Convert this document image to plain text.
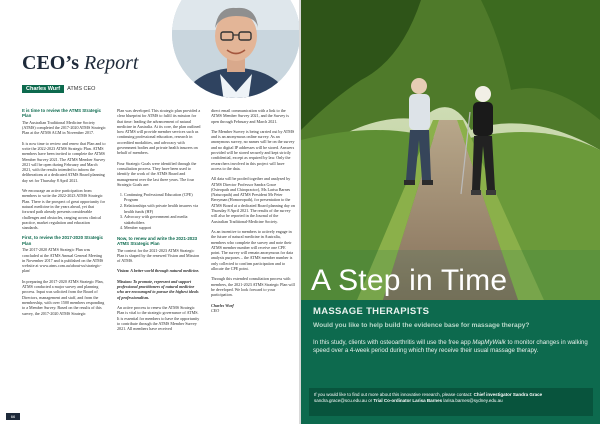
CEO’s Report
Charles Wurf	ATMS CEO
It is time to review the ATMS Strategic Plan

The Australian Traditional Medicine Society (ATMS) completed the 2017-2020 ATMS Strategic Plan at the ATMS AGM in November 2017.

It is now time to review and renew that Plan and to write the 2022-2023 ATMS Strategic Plan. ATMS members have been invited to complete the ATMS Member Survey 2021. The ATMS Member Survey 2021 will be open during February and March 2021, with the results intended to inform the deliberations at a dedicated ATMS Board planning day set for Thursday 8 April 2021.

We encourage an active participation from members to write the 2022-2023 ATMS Strategic Plan. There is the prospect of great opportunity for natural medicine in the years ahead, yet that forward path already presents considerable challenges and obstacles, ranging across clinical practice, market regulation and education standards.

First, to review the 2017-2020 Strategic Plan

The 2017-2020 ATMS Strategic Plan was concluded at the ATMS Annual General Meeting in November 2017 and is published on the ATMS website at www.atms.com.au/about-us/strategic-plan/

In preparing the 2017-2020 ATMS Strategic Plan, ATMS conducted a major survey and planning process. Input was solicited from the Board of Directors, management and staff, and from the membership, with over 1500 members responding to a Member Survey. Based on the results of this survey, the 2017-2020 ATMS Strategic

Plan was developed. This strategic plan provided a clear blueprint for ATMS to fulfil its mission for that time: leading the advancement of natural medicine in Australia. At its core, the plan outlined how ATMS will provide member services such as continuing professional education, research in accredited modalities, and advocacy with government bodies and private health insurers on behalf of members.

Four Strategic Goals were identified through the consultation process. They have been used to identify the work of the ATMS Board and management over the last three years. The four Strategic Goals are:

1. Continuing Professional Education (CPE) Program
2. Relationships with private health insurers via health funds (HF)
3. Advocacy with government and media stakeholders
4. Member support
Now, to renew and write the 2021-2023 ATMS Strategic Plan

The context for the 2021-2023 ATMS Strategic Plan is shaped by the renewed Vision and Mission of ATMS.

Vision: A better world through natural medicine.

Mission: To promote, represent and support professional practitioners of natural medicine who are encouraged to pursue the highest ideals of professionalism.

An active process to renew the ATMS Strategic Plan is vital to the strategic governance of ATMS. It is essential for members to have the opportunity to contribute through the ATMS Member Survey 2021. All members have received

direct email communication with a link to the ATMS Member Survey 2021, and the Survey is open through February and March 2021.

The Member Survey is being carried out by ATMS and is an anonymous online survey. As an anonymous survey, no names will be on the survey and no digital IP addresses will be stored. Answers provided will be stored securely and kept strictly confidential, except as required by law. Only the researchers involved in this project will have access to the data.

All data will be pooled together and analysed by ATMS Director Professor Sandra Grace (Osteopath and Chiropractor), Ms Larisa Barnes (Naturopath) and ATMS President Mr Peter Berryman (Homoeopath), for presentation to the ATMS Board at a dedicated Board planning day on Thursday 8 April 2021. The results of the survey will also be reported in the Journal of the Australian Traditional-Medicine Society.

As an incentive to members to actively engage in the future of natural medicine in Australia, members who complete the survey and note their ATMS member number will receive one CPE point. The survey will remain anonymous for data analysis purposes – the ATMS member number is only collected to confirm participation and to allocate the CPE point.

Through this extended consultation process with members, the 2021-2023 ATMS Strategic Plan will be developed. We look forward to your participation.

Charles Wurf

CEO

66
A Step in Time
MASSAGE THERAPISTS
Would you like to help build the evidence base for massage therapy?
In this study, clients with osteoarthritis will use the free app MapMyWalk to monitor changes in walking speed over a 4-week period during which they receive their usual massage therapy.
If you would like to find out more about this innovative research, please contact: Chief investigator Sandra Grace
sandra.grace@scu.edu.au or Trial Co-ordinator Larisa Barnes larisa.barnes@sydney.edu.au
